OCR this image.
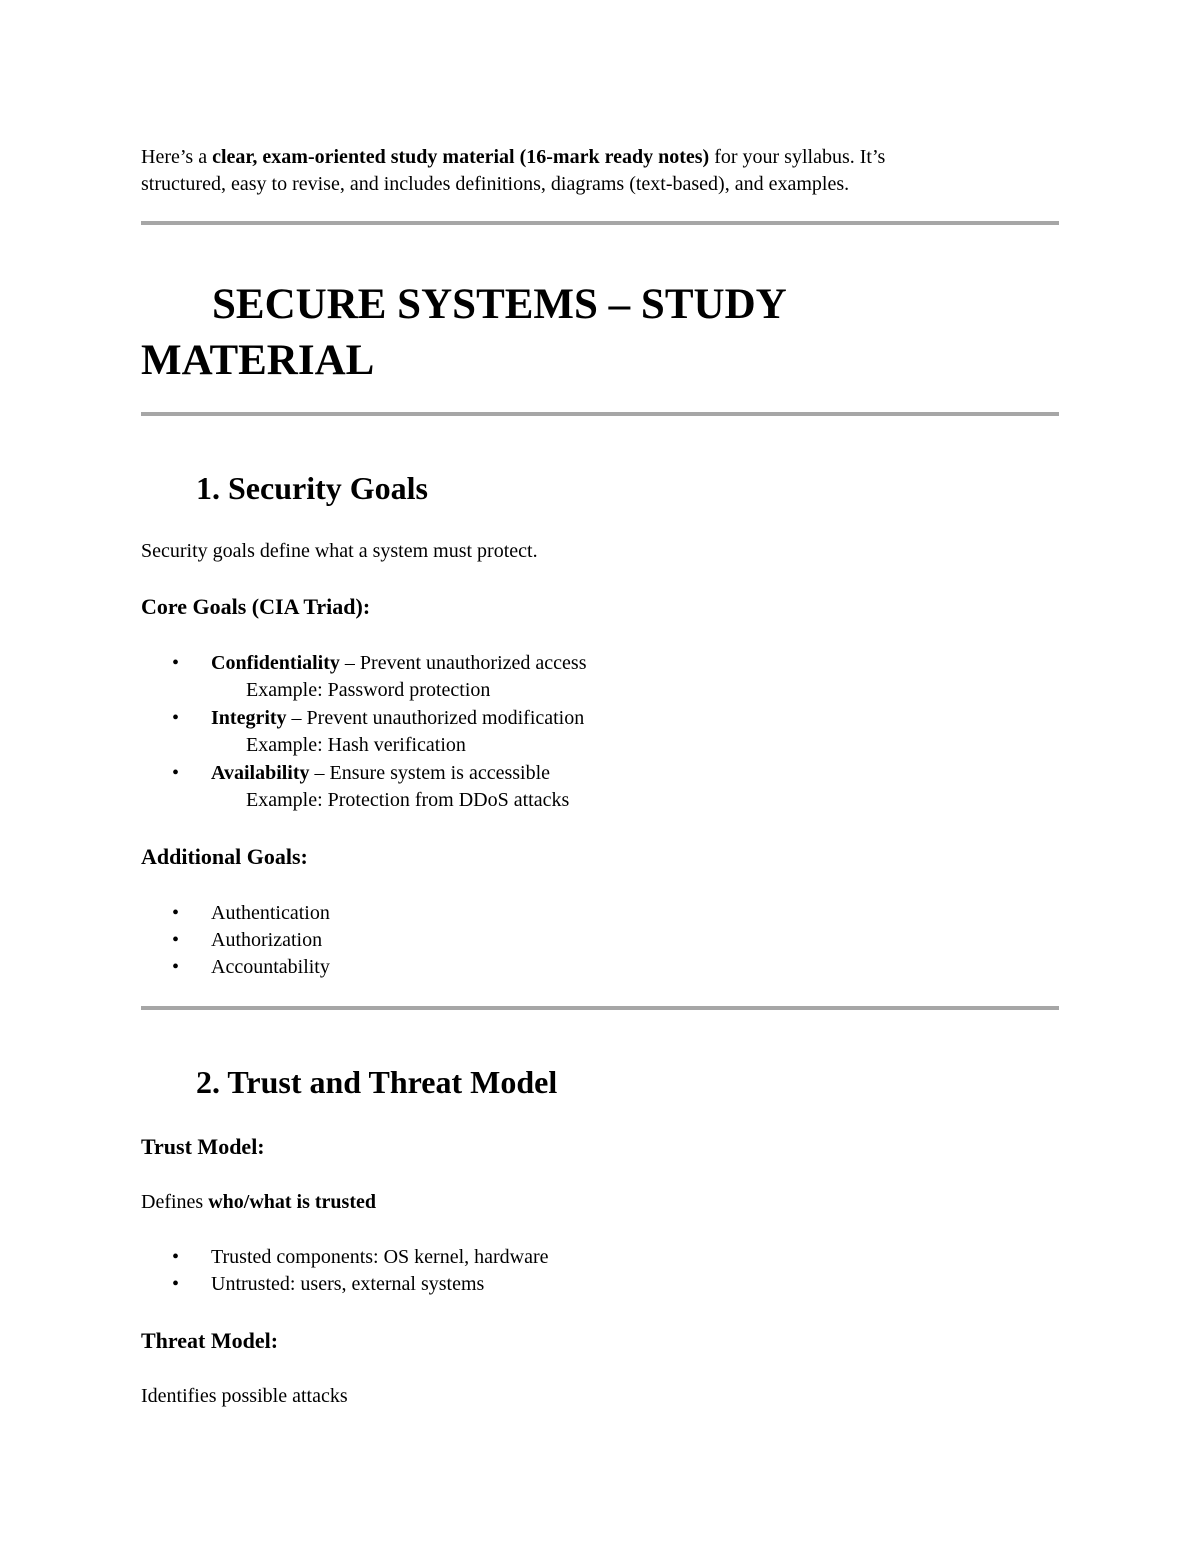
Here’s a clear, exam-oriented study material (16-mark ready notes) for your syllabus. It’s
structured, easy to revise, and includes definitions, diagrams (text-based), and examples.
SECURE SYSTEMS – STUDY
MATERIAL
1. Security Goals
Security goals define what a system must protect.
Core Goals (CIA Triad):
• Confidentiality – Prevent unauthorized access
Example: Password protection
• Integrity – Prevent unauthorized modification
Example: Hash verification
• Availability – Ensure system is accessible
Example: Protection from DDoS attacks
Additional Goals:
• Authentication
• Authorization
• Accountability
2. Trust and Threat Model
Trust Model:
Defines who/what is trusted
• Trusted components: OS kernel, hardware
• Untrusted: users, external systems
Threat Model:
Identifies possible attacks
